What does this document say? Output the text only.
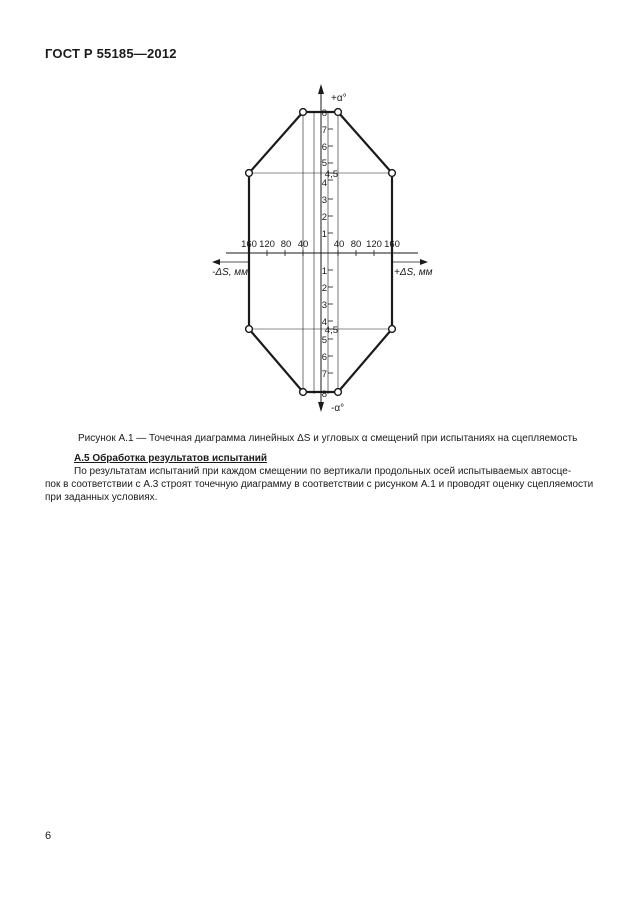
ГОСТ Р 55185—2012
160 120 80 40	40 80 120 160
8
7
6
5
4,5
4
3
2
1
1
2
3
4
4,5
5
6
7
8
+α°
-α°
-ΔS, мм	+ΔS, мм
Рисунок А.1 — Точечная диаграмма линейных ΔS и угловых α смещений при испытаниях на сцепляемость
А.5 Обработка результатов испытаний
По результатам испытаний при каждом смещении по вертикали продольных осей испытываемых автосце-
пок в соответствии с А.3 строят точечную диаграмму в соответствии с рисунком А.1 и проводят оценку сцепляемости
при заданных условиях.
6
